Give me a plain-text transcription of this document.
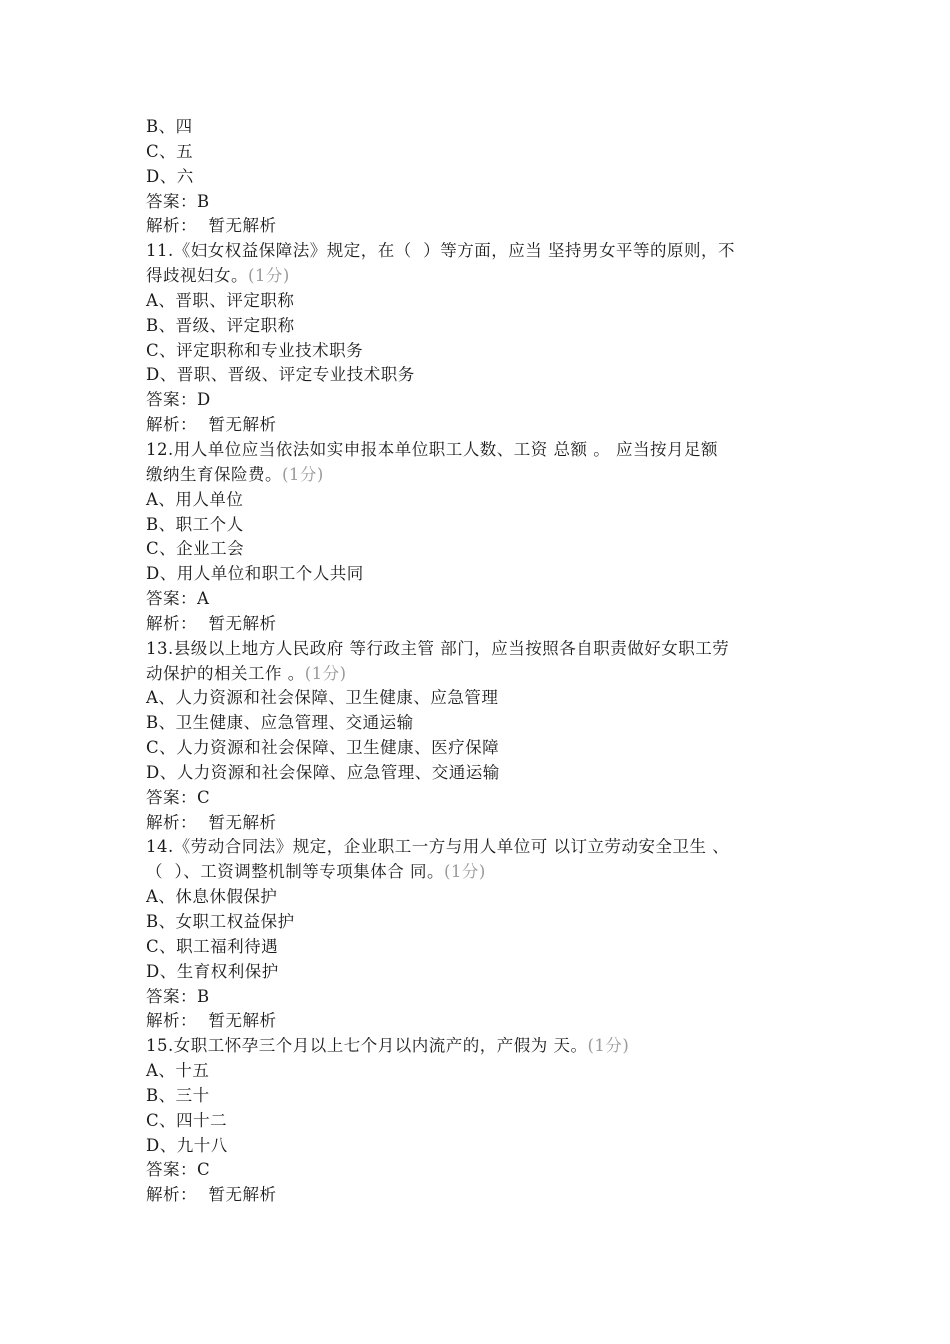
B、四

C、五

D、六

答案：B

解析：  暂无解析

11.《妇女权益保障法》规定，在（  ）等方面，应当 坚持男女平等的原则，不

得歧视妇女。(1分)

A、晋职、评定职称

B、晋级、评定职称

C、评定职称和专业技术职务

D、晋职、晋级、评定专业技术职务

答案：D

解析：  暂无解析

12.用人单位应当依法如实申报本单位职工人数、工资 总额 。 应当按月足额

缴纳生育保险费。(1分)

A、用人单位

B、职工个人

C、企业工会

D、用人单位和职工个人共同

答案：A

解析：  暂无解析

13.县级以上地方人民政府 等行政主管 部门，应当按照各自职责做好女职工劳

动保护的相关工作 。(1分)

A、人力资源和社会保障、卫生健康、应急管理

B、卫生健康、应急管理、交通运输

C、人力资源和社会保障、卫生健康、医疗保障

D、人力资源和社会保障、应急管理、交通运输

答案：C

解析：  暂无解析

14.《劳动合同法》规定，企业职工一方与用人单位可 以订立劳动安全卫生 、

（  ）、工资调整机制等专项集体合 同。(1分)

A、休息休假保护

B、女职工权益保护

C、职工福利待遇

D、生育权利保护

答案：B

解析：  暂无解析

15.女职工怀孕三个月以上七个月以内流产的，产假为 天。(1分)

A、十五

B、三十

C、四十二

D、九十八

答案：C

解析：  暂无解析
